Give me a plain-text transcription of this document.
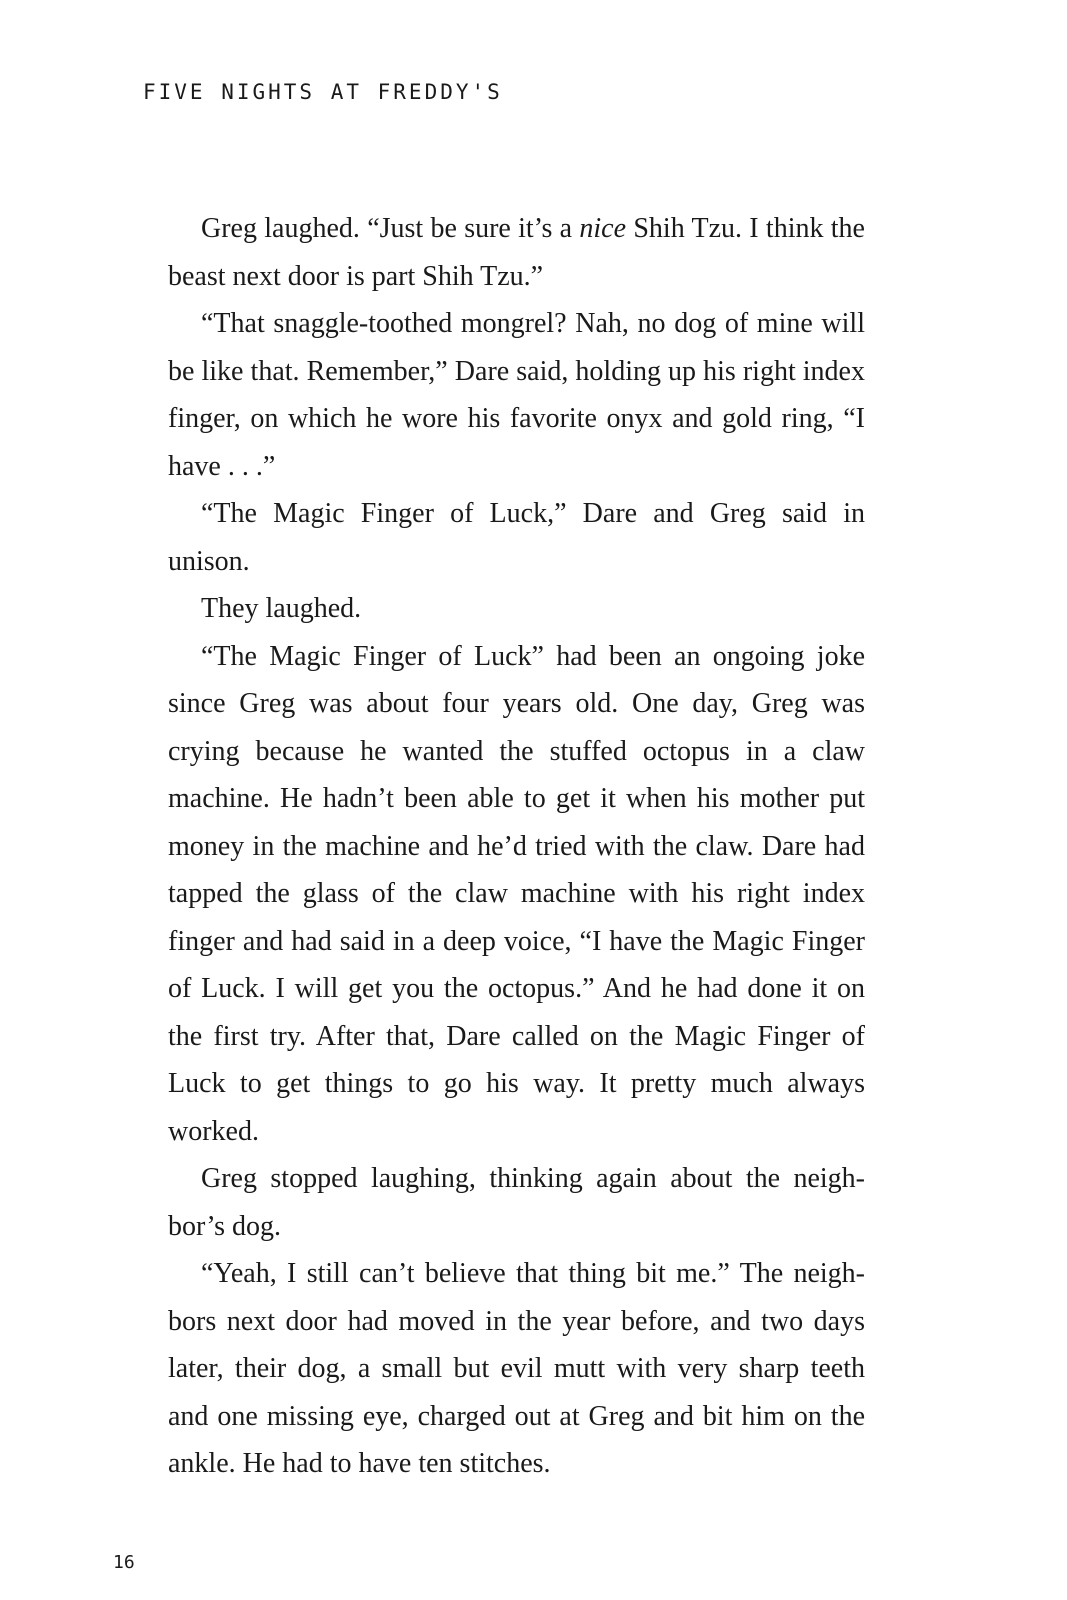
FIVE NIGHTS AT FREDDY'S

Greg laughed. “Just be sure it’s a nice Shih Tzu. I think the beast next door is part Shih Tzu.”

“That snaggle-toothed mongrel? Nah, no dog of mine will be like that. Remember,” Dare said, holding up his right index finger, on which he wore his favorite onyx and gold ring, “I have . . .”

“The Magic Finger of Luck,” Dare and Greg said in unison.

They laughed.

“The Magic Finger of Luck” had been an ongoing joke since Greg was about four years old. One day, Greg was crying because he wanted the stuffed octopus in a claw machine. He hadn’t been able to get it when his mother put money in the machine and he’d tried with the claw. Dare had tapped the glass of the claw machine with his right index finger and had said in a deep voice, “I have the Magic Finger of Luck. I will get you the octopus.” And he had done it on the first try. After that, Dare called on the Magic Finger of Luck to get things to go his way. It pretty much always worked.

Greg stopped laughing, thinking again about the neighbor’s dog.

“Yeah, I still can’t believe that thing bit me.” The neighbors next door had moved in the year before, and two days later, their dog, a small but evil mutt with very sharp teeth and one missing eye, charged out at Greg and bit him on the ankle. He had to have ten stitches.

16
